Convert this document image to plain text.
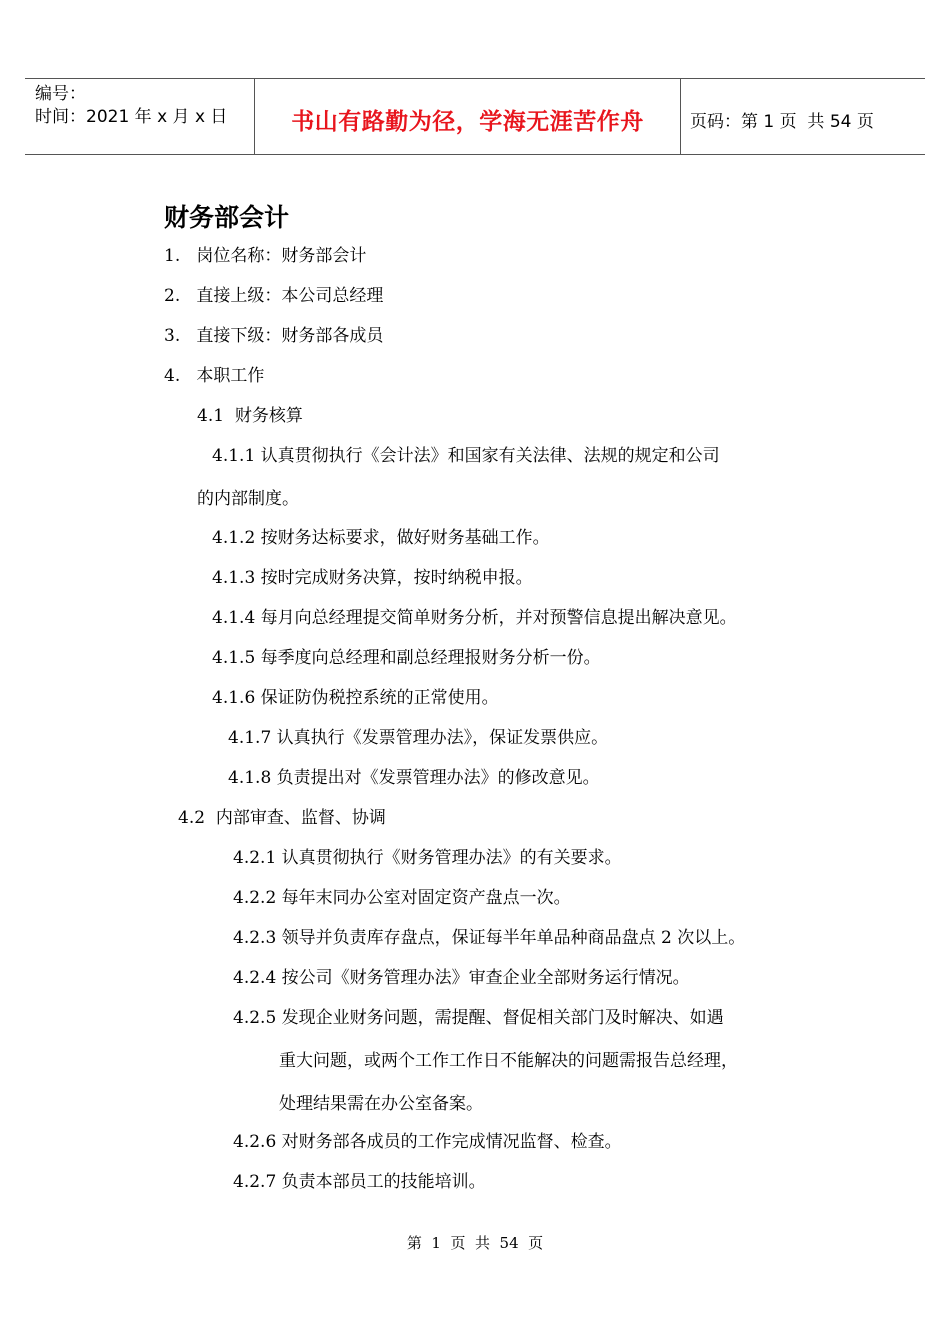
编号：
时间：2021 年 x 月 x 日	书山有路勤为径，学海无涯苦作舟	页码：第 1 页  共 54 页
财务部会计
1.   岗位名称：财务部会计
2.   直接上级：本公司总经理
3.   直接下级：财务部各成员
4.   本职工作
4.1  财务核算
4.1.1 认真贯彻执行《会计法》和国家有关法律、法规的规定和公司
的内部制度。
4.1.2 按财务达标要求，做好财务基础工作。
4.1.3 按时完成财务决算，按时纳税申报。
4.1.4 每月向总经理提交简单财务分析，并对预警信息提出解决意见。
4.1.5 每季度向总经理和副总经理报财务分析一份。
4.1.6 保证防伪税控系统的正常使用。
4.1.7 认真执行《发票管理办法》，保证发票供应。
4.1.8 负责提出对《发票管理办法》的修改意见。
4.2  内部审查、监督、协调
4.2.1 认真贯彻执行《财务管理办法》的有关要求。
4.2.2 每年末同办公室对固定资产盘点一次。
4.2.3 领导并负责库存盘点，保证每半年单品种商品盘点 2 次以上。
4.2.4 按公司《财务管理办法》审查企业全部财务运行情况。
4.2.5 发现企业财务问题，需提醒、督促相关部门及时解决、如遇
重大问题，或两个工作工作日不能解决的问题需报告总经理，
处理结果需在办公室备案。
4.2.6 对财务部各成员的工作完成情况监督、检查。
4.2.7 负责本部员工的技能培训。
第  1  页  共  54  页
